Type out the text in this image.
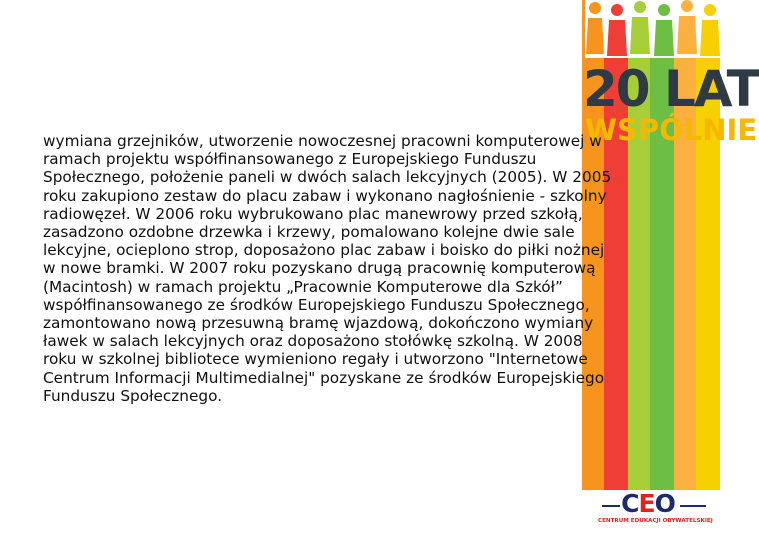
20 LAT
WSPÓLNIE
wymiana grzejników, utworzenie nowoczesnej pracowni komputerowej w
ramach projektu współfinansowanego z Europejskiego Funduszu
Społecznego, położenie paneli w dwóch salach lekcyjnych (2005). W 2005
roku zakupiono zestaw do placu zabaw i wykonano nagłośnienie - szkolny
radiowęzeł. W 2006 roku wybrukowano plac manewrowy przed szkołą,
zasadzono ozdobne drzewka i krzewy, pomalowano kolejne dwie sale
lekcyjne, ocieplono strop, doposażono plac zabaw i boisko do piłki nożnej
w nowe bramki. W 2007 roku pozyskano drugą pracownię komputerową
(Macintosh) w ramach projektu „Pracownie Komputerowe dla Szkół”
współfinansowanego ze środków Europejskiego Funduszu Społecznego,
zamontowano nową przesuwną bramę wjazdową, dokończono wymiany
ławek w salach lekcyjnych oraz doposażono stołówkę szkolną. W 2008
roku w szkolnej bibliotece wymieniono regały i utworzono "Internetowe
Centrum Informacji Multimedialnej" pozyskane ze środków Europejskiego
Funduszu Społecznego.
CEO
CENTRUM EDUKACJI OBYWATELSKIEJ
